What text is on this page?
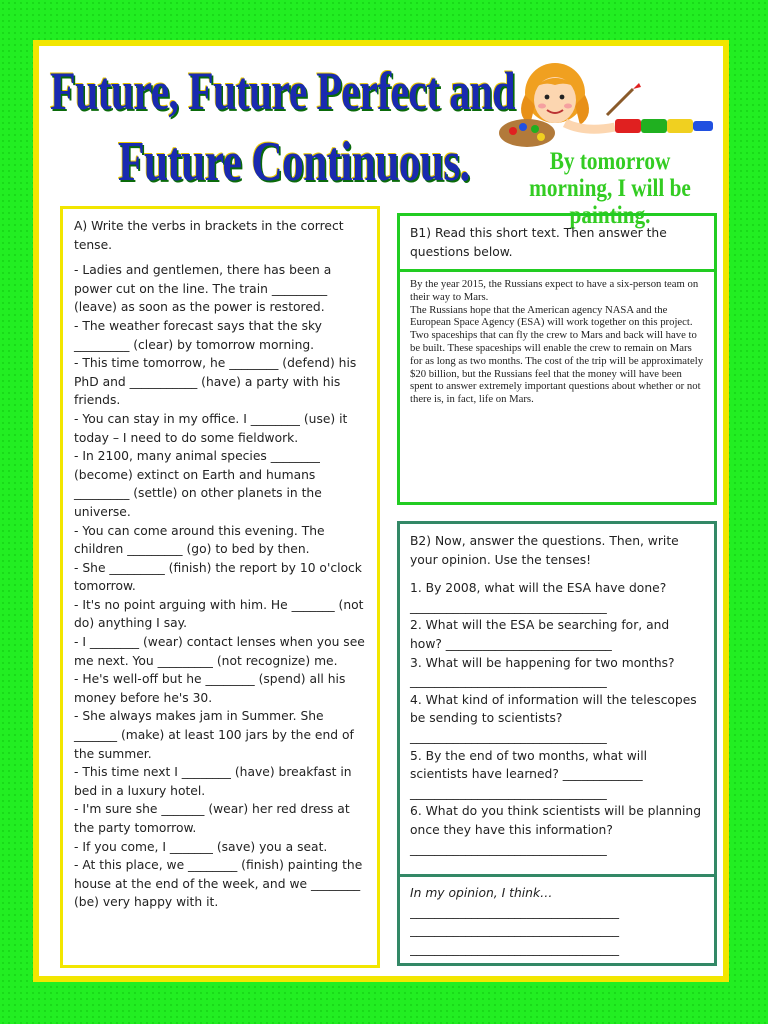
Future, Future Perfect and
Future Continuous.	By tomorrow morning, I will be painting.

A) Write the verbs in brackets in the correct tense.

- Ladies and gentlemen, there has been a power cut on the line. The train _________ (leave) as soon as the power is restored.

- The weather forecast says that the sky _________ (clear) by tomorrow morning.

- This time tomorrow, he ________ (defend) his PhD and ___________ (have) a party with his friends.

- You can stay in my office. I ________ (use) it today – I need to do some fieldwork.

- In 2100, many animal species ________ (become) extinct on Earth and humans _________ (settle) on other planets in the universe.

- You can come around this evening. The children _________ (go) to bed by then.

- She _________ (finish) the report by 10 o'clock tomorrow.

- It's no point arguing with him. He _______ (not do) anything I say.

- I ________ (wear) contact lenses when you see me next. You _________ (not recognize) me.

- He's well-off but he ________ (spend) all his money before he's 30.

- She always makes jam in Summer. She _______ (make) at least 100 jars by the end of the summer.

- This time next I ________ (have) breakfast in bed in a luxury hotel.

- I'm sure she _______ (wear) her red dress at the party tomorrow.

- If you come, I _______ (save) you a seat.

- At this place, we ________ (finish) painting the house at the end of the week, and we ________ (be) very happy with it.

B1) Read this short text. Then answer the questions below.
By the year 2015, the Russians expect to have a six-person team on their way to Mars.
The Russians hope that the American agency NASA and the European Space Agency (ESA) will work together on this project. Two spaceships that can fly the crew to Mars and back will have to be built. These spaceships will enable the crew to remain on Mars for as long as two months. The cost of the trip will be approximately $20 billion, but the Russians feel that the money will have been spent to answer extremely important questions about whether or not there is, in fact, life on Mars.

B2) Now, answer the questions. Then, write your opinion. Use the tenses!

1. By 2008, what will the ESA have done? ________________________________

2. What will the ESA be searching for, and how? ___________________________

3. What will be happening for two months? ________________________________

4. What kind of information will the telescopes be sending to scientists? ________________________________

5. By the end of two months, what will scientists have learned? _____________ ________________________________

6. What do you think scientists will be planning once they have this information? ________________________________

In my opinion, I think…

__________________________________

__________________________________

__________________________________
